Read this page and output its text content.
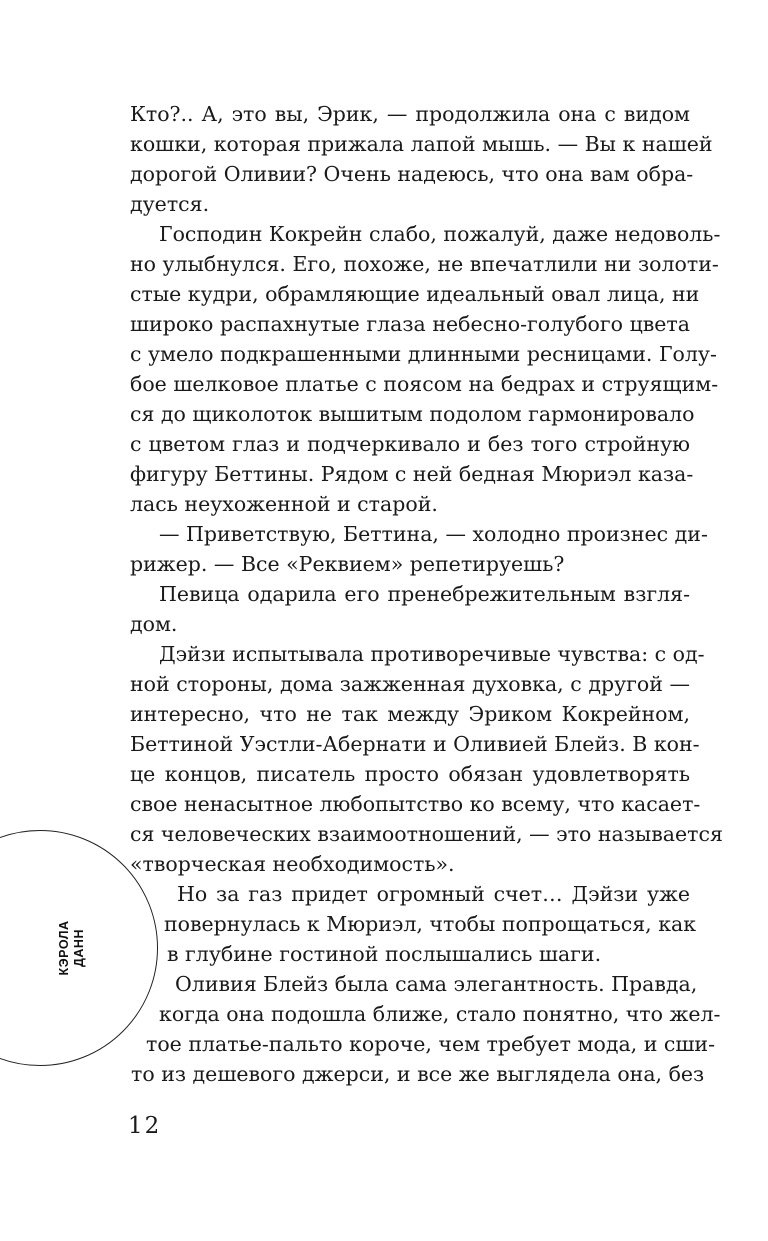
Кто?.. А, это вы, Эрик, — продолжила она с видом
кошки, которая прижала лапой мышь. — Вы к нашей
дорогой Оливии? Очень надеюсь, что она вам обра-
дуется.
Господин Кокрейн слабо, пожалуй, даже недоволь-
но улыбнулся. Его, похоже, не впечатлили ни золоти-
стые кудри, обрамляющие идеальный овал лица, ни
широко распахнутые глаза небесно-голубого цвета
с умело подкрашенными длинными ресницами. Голу-
бое шелковое платье с поясом на бедрах и струящим-
ся до щиколоток вышитым подолом гармонировало
с цветом глаз и подчеркивало и без того стройную
фигуру Беттины. Рядом с ней бедная Мюриэл каза-
лась неухоженной и старой.
— Приветствую, Беттина, — холодно произнес ди-
рижер. — Все «Реквием» репетируешь?
Певица одарила его пренебрежительным взгля-
дом.
Дэйзи испытывала противоречивые чувства: с од-
ной стороны, дома зажженная духовка, с другой —
интересно, что не так между Эриком Кокрейном,
Беттиной Уэстли-Абернати и Оливией Блейз. В кон-
це концов, писатель просто обязан удовлетворять
свое ненасытное любопытство ко всему, что касает-
ся человеческих взаимоотношений, — это называется
«творческая необходимость».
Но за газ придет огромный счет… Дэйзи уже
повернулась к Мюриэл, чтобы попрощаться, как
в глубине гостиной послышались шаги.
Оливия Блейз была сама элегантность. Правда,
когда она подошла ближе, стало понятно, что жел-
тое платье-пальто короче, чем требует мода, и сши-
то из дешевого джерси, и все же выглядела она, без
КЭРОЛА ДАНН
12
